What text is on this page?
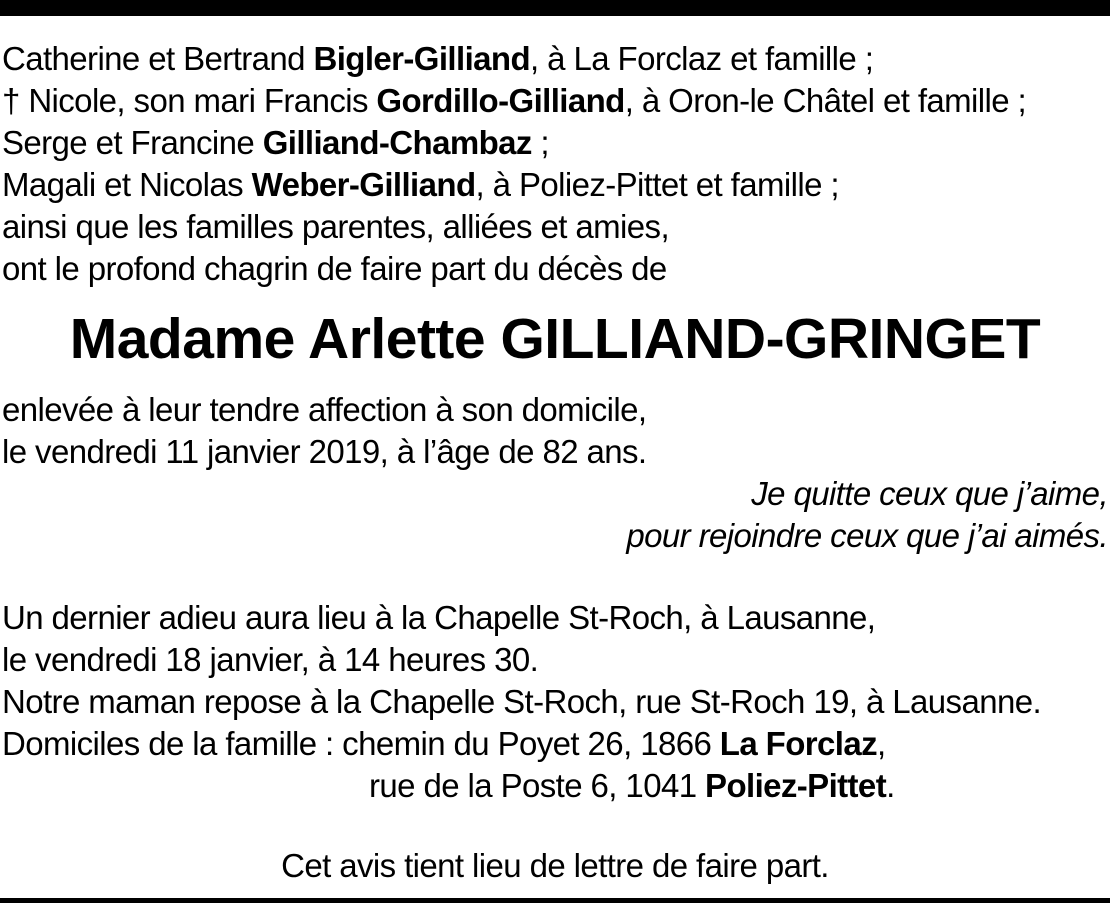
Catherine et Bertrand Bigler-Gilliand, à La Forclaz et famille ;
† Nicole, son mari Francis Gordillo-Gilliand, à Oron-le Châtel et famille ;
Serge et Francine Gilliand-Chambaz ;
Magali et Nicolas Weber-Gilliand, à Poliez-Pittet et famille ;
ainsi que les familles parentes, alliées et amies,
ont le profond chagrin de faire part du décès de
Madame Arlette GILLIAND-GRINGET
enlevée à leur tendre affection à son domicile,
le vendredi 11 janvier 2019, à l’âge de 82 ans.
Je quitte ceux que j’aime,
pour rejoindre ceux que j’ai aimés.
Un dernier adieu aura lieu à la Chapelle St-Roch, à Lausanne,
le vendredi 18 janvier, à 14 heures 30.
Notre maman repose à la Chapelle St-Roch, rue St-Roch 19, à Lausanne.
Domiciles de la famille : chemin du Poyet 26, 1866 La Forclaz,
rue de la Poste 6, 1041 Poliez-Pittet.
Cet avis tient lieu de lettre de faire part.
